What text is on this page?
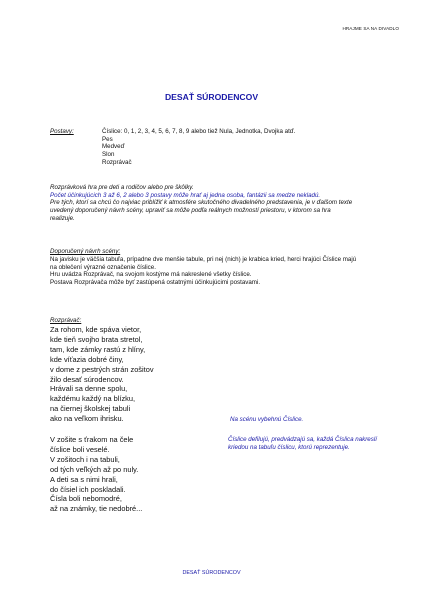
HRAJME SA NA DIVADLO
DESAŤ SÚRODENCOV
Postavy:	Číslice: 0, 1, 2, 3, 4, 5, 6, 7, 8, 9 alebo tiež Nula, Jednotka, Dvojka atď.

Pes

Medveď

Slon

Rozprávač

Rozprávková hra pre deti a rodičov alebo pre škôlky.

Počet účinkujúcich 3 až 6, 2 alebo 3 postavy môže hrať aj jedna osoba, fantázii sa medze nekladú.

Pre tých, ktorí sa chcú čo najviac priblížiť k atmosfére skutočného divadelného predstavenia, je v ďalšom texte

uvedený doporučený návrh scény, upraviť sa môže podľa reálnych možností priestoru, v ktorom sa hra

realizuje.

Doporučený návrh scény:

Na javisku je väčšia tabuľa, prípadne dve menšie tabule, pri nej (nich) je krabica kried, herci hrajúci Číslice majú

na oblečení výrazné označenie číslice.

Hru uvádza Rozprávač, na svojom kostýme má nakreslené všetky číslice.

Postava Rozprávača môže byť zastúpená ostatnými účinkujúcimi postavami.

Rozprávač:

Za rohom, kde spáva vietor,

kde tieň svojho brata stretol,

tam, kde zámky rastú z hlíny,

kde víťazia dobré činy,

v dome z pestrých strán zošitov

žilo desať súrodencov.

Hrávali sa denne spolu,

každému každý na blízku,

na čiernej školskej tabuli

ako na veľkom ihrisku.	Na scénu vybehnú Číslice.

V zošite s ťrakom na čele

číslice boli veselé.

V zošitoch i na tabuli,

od tých veľkých až po nuly.

A deti sa s nimi hrali,

do čísiel ich poskladali.

Čísla boli nebomodré,

až na známky, tie nedobré...

Číslice defilujú, predvádzajú sa, každá Číslica nakreslí

kriedou na tabuľu číslicu, ktorú reprezentuje.

DESAŤ SÚRODENCOV
